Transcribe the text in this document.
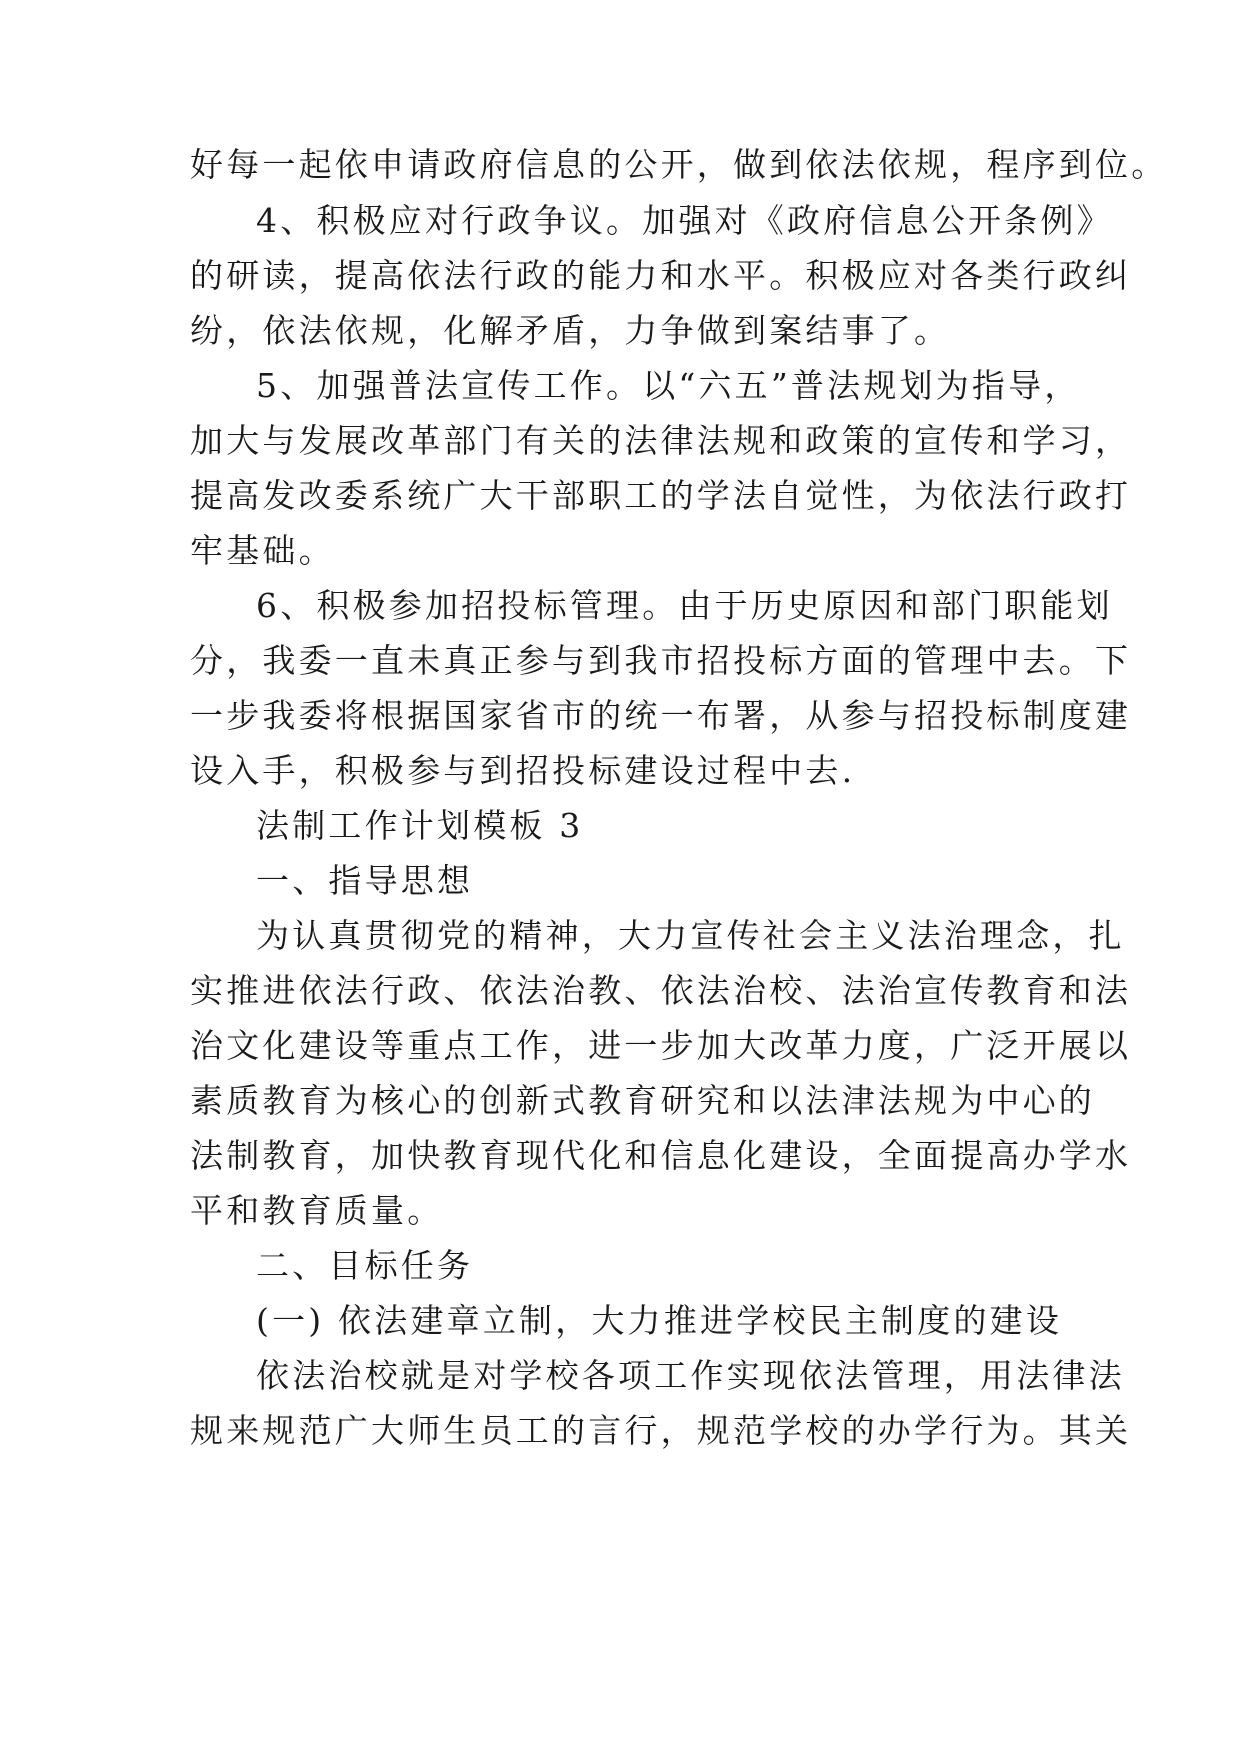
好每一起依申请政府信息的公开，做到依法依规，程序到位。
4、积极应对行政争议。加强对《政府信息公开条例》
的研读，提高依法行政的能力和水平。积极应对各类行政纠
纷，依法依规，化解矛盾，力争做到案结事了。
5、加强普法宣传工作。以“六五”普法规划为指导，
加大与发展改革部门有关的法律法规和政策的宣传和学习，
提高发改委系统广大干部职工的学法自觉性，为依法行政打
牢基础。
6、积极参加招投标管理。由于历史原因和部门职能划
分，我委一直未真正参与到我市招投标方面的管理中去。下
一步我委将根据国家省市的统一布署，从参与招投标制度建
设入手，积极参与到招投标建设过程中去.
法制工作计划模板 3
一、指导思想
为认真贯彻党的精神，大力宣传社会主义法治理念，扎
实推进依法行政、依法治教、依法治校、法治宣传教育和法
治文化建设等重点工作，进一步加大改革力度，广泛开展以
素质教育为核心的创新式教育研究和以法津法规为中心的
法制教育，加快教育现代化和信息化建设，全面提高办学水
平和教育质量。
二、目标任务
(一) 依法建章立制，大力推进学校民主制度的建设
依法治校就是对学校各项工作实现依法管理，用法律法
规来规范广大师生员工的言行，规范学校的办学行为。其关
